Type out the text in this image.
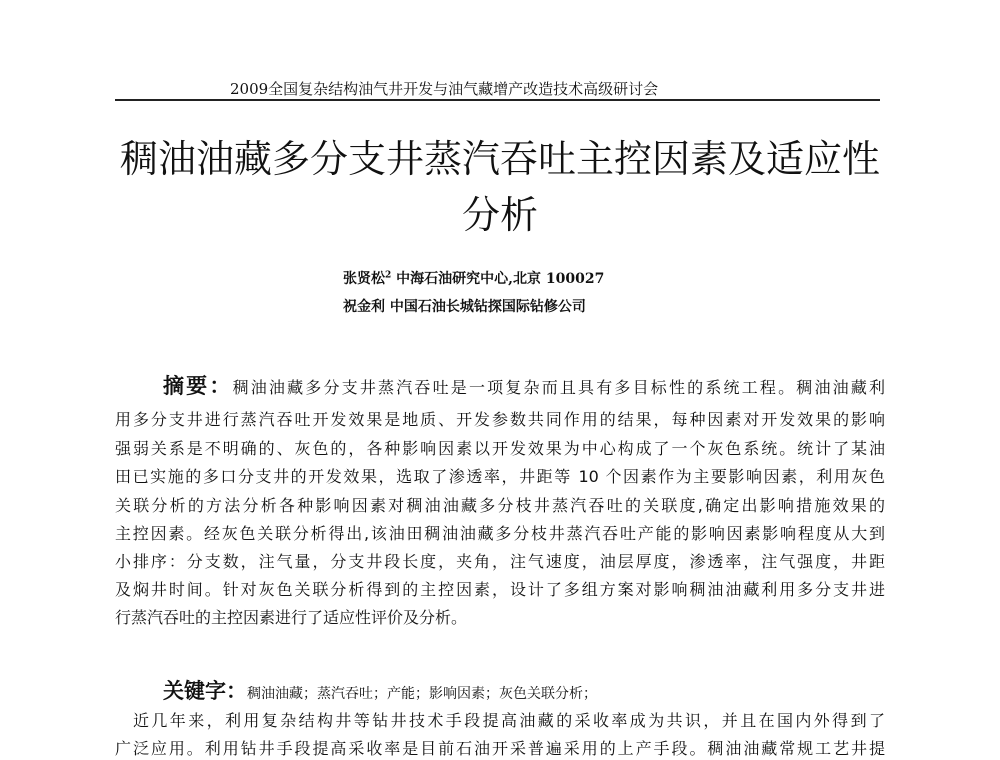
2009全国复杂结构油气井开发与油气藏增产改造技术高级研讨会
稠油油藏多分支井蒸汽吞吐主控因素及适应性
分析
张贤松$^2$ 中海石油研究中心,北京 100027
祝金利 中国石油长城钻探国际钻修公司
摘要：稠油油藏多分支井蒸汽吞吐是一项复杂而且具有多目标性的系统工程。稠油油藏利
用多分支井进行蒸汽吞吐开发效果是地质、开发参数共同作用的结果，每种因素对开发效果的影响
强弱关系是不明确的、灰色的，各种影响因素以开发效果为中心构成了一个灰色系统。统计了某油
田已实施的多口分支井的开发效果，选取了渗透率，井距等 10 个因素作为主要影响因素，利用灰色
关联分析的方法分析各种影响因素对稠油油藏多分枝井蒸汽吞吐的关联度,确定出影响措施效果的
主控因素。经灰色关联分析得出,该油田稠油油藏多分枝井蒸汽吞吐产能的影响因素影响程度从大到
小排序：分支数，注气量，分支井段长度，夹角，注气速度，油层厚度，渗透率，注气强度，井距
及焖井时间。针对灰色关联分析得到的主控因素，设计了多组方案对影响稠油油藏利用多分支井进
行蒸汽吞吐的主控因素进行了适应性评价及分析。
关键字：稠油油藏；蒸汽吞吐；产能；影响因素；灰色关联分析；
近几年来，利用复杂结构井等钻井技术手段提高油藏的采收率成为共识，并且在国内外得到了
广泛应用。利用钻井手段提高采收率是目前石油开采普遍采用的上产手段。稠油油藏常规工艺井提
